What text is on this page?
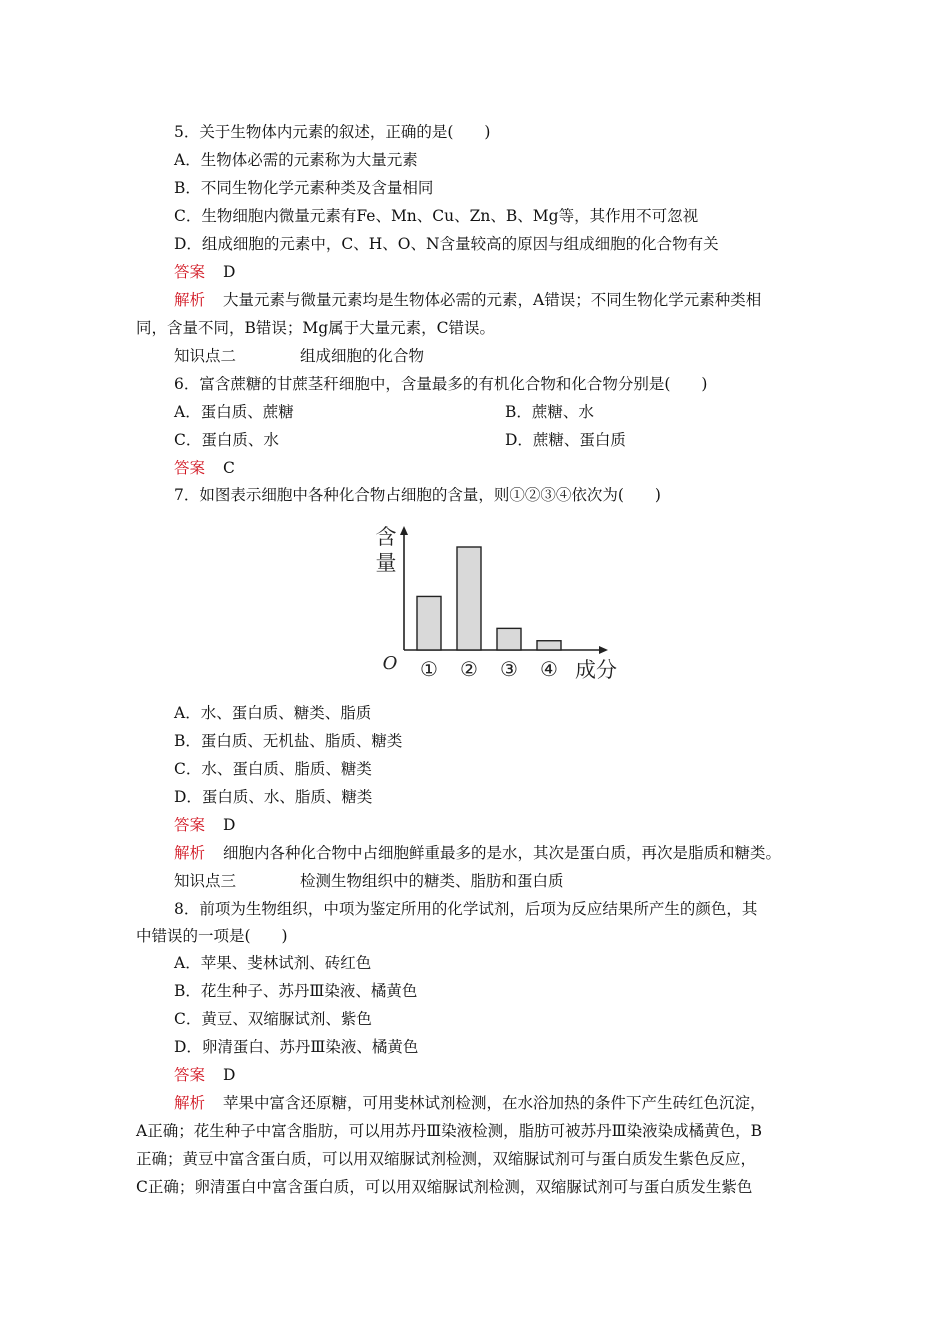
5．关于生物体内元素的叙述，正确的是(　　)
A．生物体必需的元素称为大量元素
B．不同生物化学元素种类及含量相同
C．生物细胞内微量元素有Fe、Mn、Cu、Zn、B、Mg等，其作用不可忽视
D．组成细胞的元素中，C、H、O、N含量较高的原因与组成细胞的化合物有关
答案 D
解析 大量元素与微量元素均是生物体必需的元素，A错误；不同生物化学元素种类相
同，含量不同，B错误；Mg属于大量元素，C错误。
知识点二	组成细胞的化合物
6．富含蔗糖的甘蔗茎秆细胞中，含量最多的有机化合物和化合物分别是(　　)
A．蛋白质、蔗糖	B．蔗糖、水
C．蛋白质、水	D．蔗糖、蛋白质
答案 C
7．如图表示细胞中各种化合物占细胞的含量，则①②③④依次为(　　)
含
量
O ① ② ③ ④ 成分
A．水、蛋白质、糖类、脂质
B．蛋白质、无机盐、脂质、糖类
C．水、蛋白质、脂质、糖类
D．蛋白质、水、脂质、糖类
答案 D
解析 细胞内各种化合物中占细胞鲜重最多的是水，其次是蛋白质，再次是脂质和糖类。
知识点三	检测生物组织中的糖类、脂肪和蛋白质
8．前项为生物组织，中项为鉴定所用的化学试剂，后项为反应结果所产生的颜色，其
中错误的一项是(　　)
A．苹果、斐林试剂、砖红色
B．花生种子、苏丹Ⅲ染液、橘黄色
C．黄豆、双缩脲试剂、紫色
D．卵清蛋白、苏丹Ⅲ染液、橘黄色
答案 D
解析 苹果中富含还原糖，可用斐林试剂检测，在水浴加热的条件下产生砖红色沉淀，
A正确；花生种子中富含脂肪，可以用苏丹Ⅲ染液检测，脂肪可被苏丹Ⅲ染液染成橘黄色，B
正确；黄豆中富含蛋白质，可以用双缩脲试剂检测，双缩脲试剂可与蛋白质发生紫色反应，
C正确；卵清蛋白中富含蛋白质，可以用双缩脲试剂检测，双缩脲试剂可与蛋白质发生紫色
